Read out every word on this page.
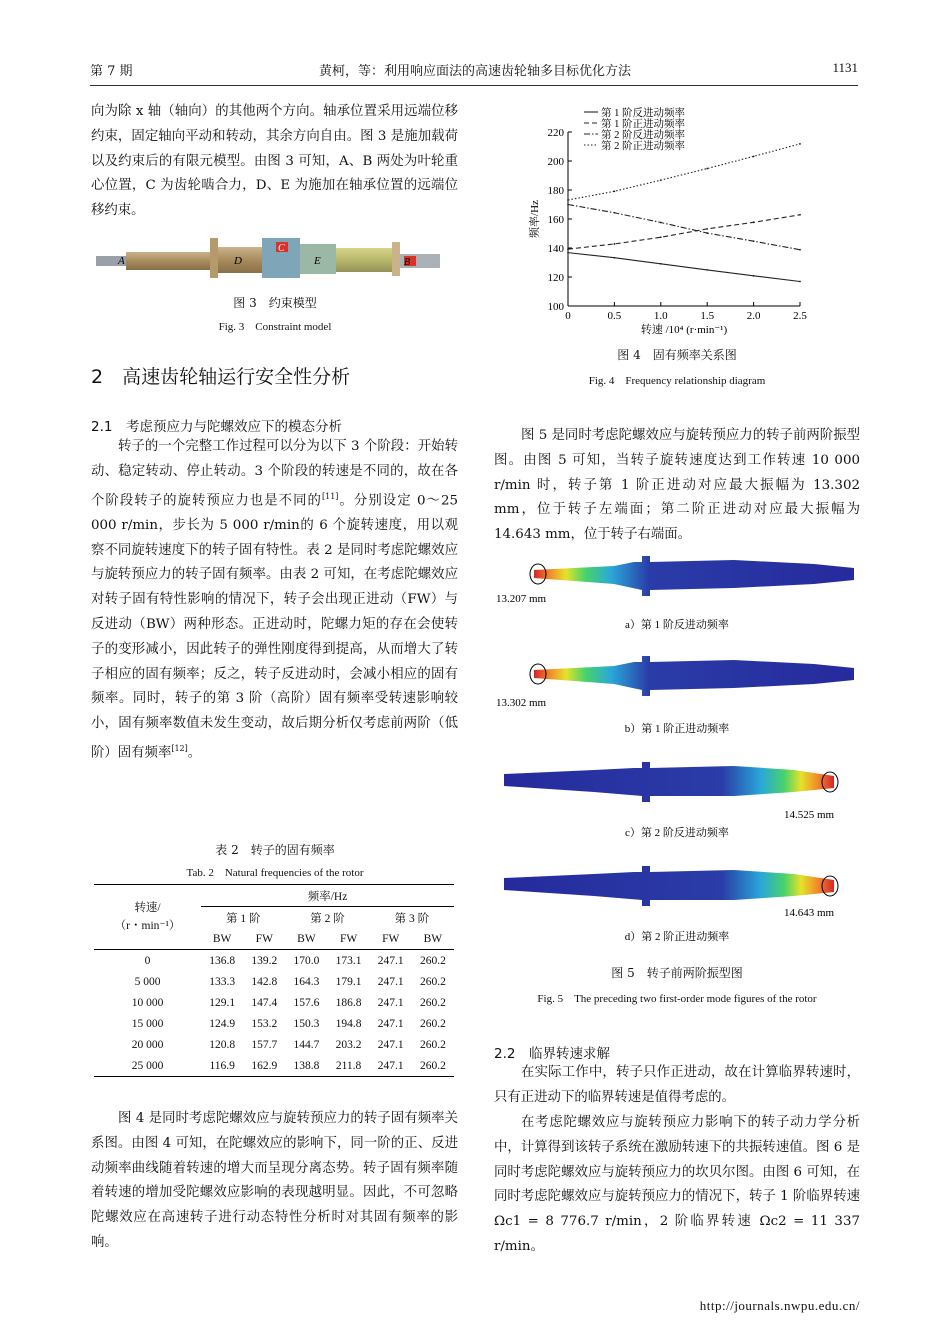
第 7 期	黄柯，等：利用响应面法的高速齿轮轴多目标优化方法	1131

向为除 x 轴（轴向）的其他两个方向。轴承位置采用远端位移约束，固定轴向平动和转动，其余方向自由。图 3 是施加载荷以及约束后的有限元模型。由图 3 可知，A、B 两处为叶轮重心位置，C 为齿轮啮合力，D、E 为施加在轴承位置的远端位移约束。

A	D
C
E	B
图 3　约束模型
Fig. 3　Constraint model
2　高速齿轮轴运行安全性分析
2.1　考虑预应力与陀螺效应下的模态分析

转子的一个完整工作过程可以分为以下 3 个阶段：开始转动、稳定转动、停止转动。3 个阶段的转速是不同的，故在各个阶段转子的旋转预应力也是不同的[11]。分别设定 0～25 000 r/min，步长为 5 000 r/min的 6 个旋转速度，用以观察不同旋转速度下的转子固有特性。表 2 是同时考虑陀螺效应与旋转预应力的转子固有频率。由表 2 可知，在考虑陀螺效应对转子固有特性影响的情况下，转子会出现正进动（FW）与反进动（BW）两种形态。正进动时，陀螺力矩的存在会使转子的变形减小，因此转子的弹性刚度得到提高，从而增大了转子相应的固有频率；反之，转子反进动时，会减小相应的固有频率。同时，转子的第 3 阶（高阶）固有频率受转速影响较小，固有频率数值未发生变动，故后期分析仅考虑前两阶（低阶）固有频率[12]。

表 2　转子的固有频率
Tab. 2　Natural frequencies of the rotor
转速/
（r・min⁻¹）	频率/Hz					
	第 1 阶		第 2 阶		第 3 阶	
	BW	FW	BW	FW	FW	BW
0	136.8	139.2	170.0	173.1	247.1	260.2
5 000	133.3	142.8	164.3	179.1	247.1	260.2
10 000	129.1	147.4	157.6	186.8	247.1	260.2
15 000	124.9	153.2	150.3	194.8	247.1	260.2
20 000	120.8	157.7	144.7	203.2	247.1	260.2
25 000	116.9	162.9	138.8	211.8	247.1	260.2

图 4 是同时考虑陀螺效应与旋转预应力的转子固有频率关系图。由图 4 可知，在陀螺效应的影响下，同一阶的正、反进动频率曲线随着转速的增大而呈现分离态势。转子固有频率随着转速的增加受陀螺效应影响的表现越明显。因此，不可忽略陀螺效应在高速转子进行动态特性分析时对其固有频率的影响。

100
120
140
160
180
200
220
0	0.5	1.0	1.5	2.0	2.5
转速 /10⁴ (r·min⁻¹)
频率/Hz
第 1 阶反进动频率
第 1 阶正进动频率
第 2 阶反进动频率
第 2 阶正进动频率
图 4　固有频率关系图
Fig. 4　Frequency relationship diagram

图 5 是同时考虑陀螺效应与旋转预应力的转子前两阶振型图。由图 5 可知，当转子旋转速度达到工作转速 10 000 r/min 时，转子第 1 阶正进动对应最大振幅为 13.302 mm，位于转子左端面；第二阶正进动对应最大振幅为 14.643 mm，位于转子右端面。

13.207 mm
a）第 1 阶反进动频率
13.302 mm
b）第 1 阶正进动频率
14.525 mm
c）第 2 阶反进动频率
14.643 mm
d）第 2 阶正进动频率
图 5　转子前两阶振型图
Fig. 5　The preceding two first-order mode figures of the rotor
2.2　临界转速求解

在实际工作中，转子只作正进动，故在计算临界转速时，只有正进动下的临界转速是值得考虑的。

在考虑陀螺效应与旋转预应力影响下的转子动力学分析中，计算得到该转子系统在激励转速下的共振转速值。图 6 是同时考虑陀螺效应与旋转预应力的坎贝尔图。由图 6 可知，在同时考虑陀螺效应与旋转预应力的情况下，转子 1 阶临界转速 Ωc1 = 8 776.7 r/min，2 阶临界转速 Ωc2 = 11 337 r/min。

http://journals.nwpu.edu.cn/
